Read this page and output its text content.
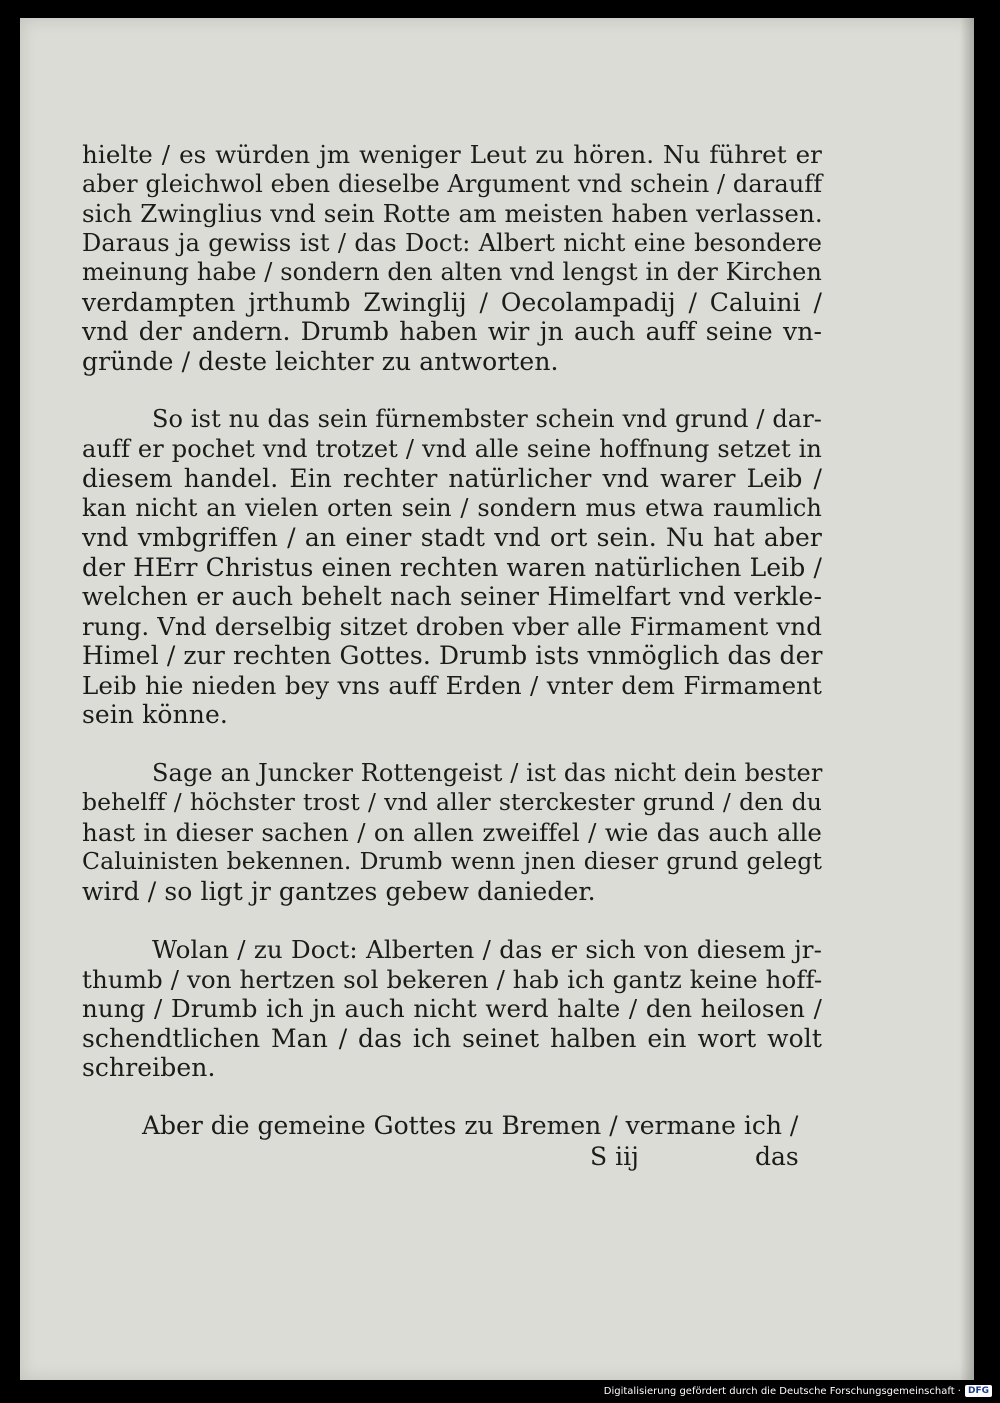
hielte / es würden jm weniger Leut zu hören. Nu führet er
aber gleichwol eben dieselbe Argument vnd schein / darauff
sich Zwinglius vnd sein Rotte am meisten haben verlassen.
Daraus ja gewiss ist / das Doct: Albert nicht eine besondere
meinung habe / sondern den alten vnd lengst in der Kirchen
verdampten jrthumb Zwinglij / Oecolampadij / Caluini /
vnd der andern. Drumb haben wir jn auch auff seine vn-
gründe / deste leichter zu antworten.

So ist nu das sein fürnembster schein vnd grund / dar-
auff er pochet vnd trotzet / vnd alle seine hoffnung setzet in
diesem handel. Ein rechter natürlicher vnd warer Leib /
kan nicht an vielen orten sein / sondern mus etwa raumlich
vnd vmbgriffen / an einer stadt vnd ort sein. Nu hat aber
der HErr Christus einen rechten waren natürlichen Leib /
welchen er auch behelt nach seiner Himelfart vnd verkle-
rung. Vnd derselbig sitzet droben vber alle Firmament vnd
Himel / zur rechten Gottes. Drumb ists vnmöglich das der
Leib hie nieden bey vns auff Erden / vnter dem Firmament
sein könne.

Sage an Juncker Rottengeist / ist das nicht dein bester
behelff / höchster trost / vnd aller sterckester grund / den du
hast in dieser sachen / on allen zweiffel / wie das auch alle
Caluinisten bekennen. Drumb wenn jnen dieser grund gelegt
wird / so ligt jr gantzes gebew danieder.

Wolan / zu Doct: Alberten / das er sich von diesem jr-
thumb / von hertzen sol bekeren / hab ich gantz keine hoff-
nung / Drumb ich jn auch nicht werd halte / den heilosen /
schendtlichen Man / das ich seinet halben ein wort wolt
schreiben.

Aber die gemeine Gottes zu Bremen / vermane ich /
S iij	das
Digitalisierung gefördert durch die Deutsche Forschungsgemeinschaft · DFG
